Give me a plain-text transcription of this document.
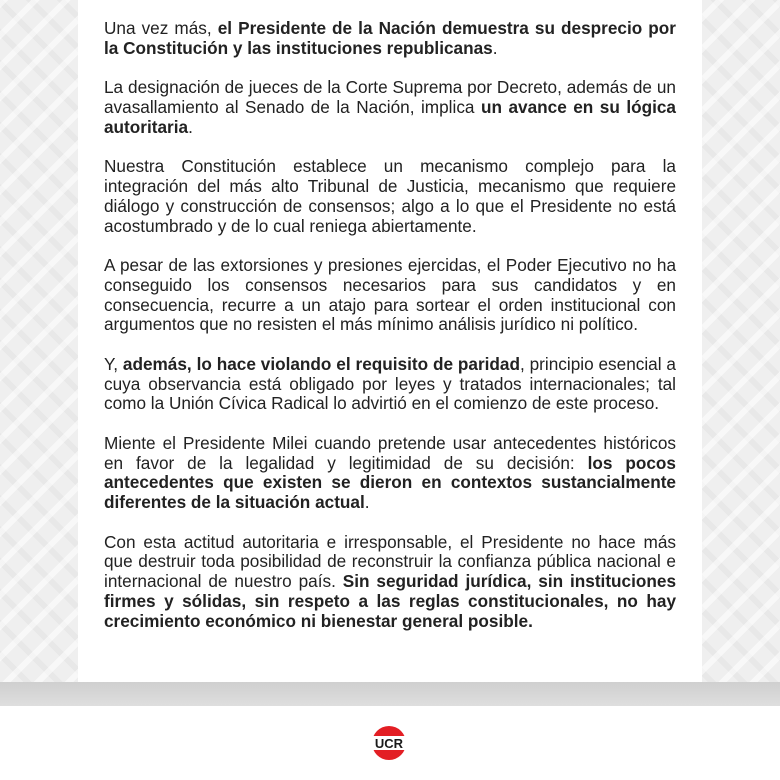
Una vez más, el Presidente de la Nación demuestra su desprecio por la Constitución y las instituciones republicanas.

La designación de jueces de la Corte Suprema por Decreto, además de un avasallamiento al Senado de la Nación, implica un avance en su lógica autoritaria.

Nuestra Constitución establece un mecanismo complejo para la integración del más alto Tribunal de Justicia, mecanismo que requiere diálogo y construcción de consensos; algo a lo que el Presidente no está acostumbrado y de lo cual reniega abiertamente.

A pesar de las extorsiones y presiones ejercidas, el Poder Ejecutivo no ha conseguido los consensos necesarios para sus candidatos y en consecuencia, recurre a un atajo para sortear el orden institucional con argumentos que no resisten el más mínimo análisis jurídico ni político.

Y, además, lo hace violando el requisito de paridad, principio esencial a cuya observancia está obligado por leyes y tratados internacionales; tal como la Unión Cívica Radical lo advirtió en el comienzo de este proceso.

Miente el Presidente Milei cuando pretende usar antecedentes históricos en favor de la legalidad y legitimidad de su decisión: los pocos antecedentes que existen se dieron en contextos sustancialmente diferentes de la situación actual.

Con esta actitud autoritaria e irresponsable, el Presidente no hace más que destruir toda posibilidad de reconstruir la confianza pública nacional e internacional de nuestro país. Sin seguridad jurídica, sin instituciones firmes y sólidas, sin respeto a las reglas constitucionales, no hay crecimiento económico ni bienestar general posible.

UCR
